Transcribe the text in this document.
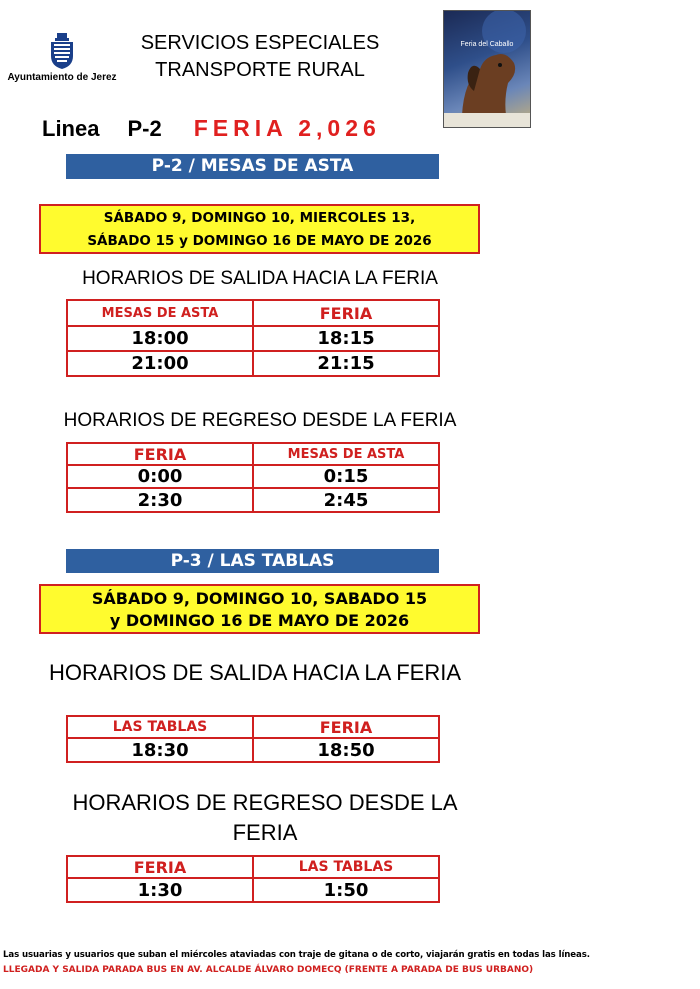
Ayuntamiento de Jerez
SERVICIOS ESPECIALES
TRANSPORTE RURAL
Feria del Caballo
Linea P-2 FERIA 2,026
P-2 / MESAS DE ASTA
SÁBADO 9, DOMINGO 10, MIERCOLES 13,
SÁBADO 15 y DOMINGO 16 DE MAYO DE 2026
HORARIOS DE SALIDA HACIA LA FERIA
MESAS DE ASTA	FERIA
18:00	18:15
21:00	21:15
HORARIOS DE REGRESO DESDE LA FERIA
FERIA	MESAS DE ASTA
0:00	0:15
2:30	2:45
P-3 / LAS TABLAS
SÁBADO 9, DOMINGO 10, SABADO 15
y DOMINGO 16 DE MAYO DE 2026
HORARIOS DE SALIDA HACIA LA FERIA
LAS TABLAS	FERIA
18:30	18:50
HORARIOS DE REGRESO DESDE LA
FERIA
FERIA	LAS TABLAS
1:30	1:50
Las usuarias y usuarios que suban el miércoles ataviadas con traje de gitana o de corto, viajarán gratis en todas las líneas.
LLEGADA Y SALIDA PARADA BUS EN AV. ALCALDE ÁLVARO DOMECQ (FRENTE A PARADA DE BUS URBANO)
